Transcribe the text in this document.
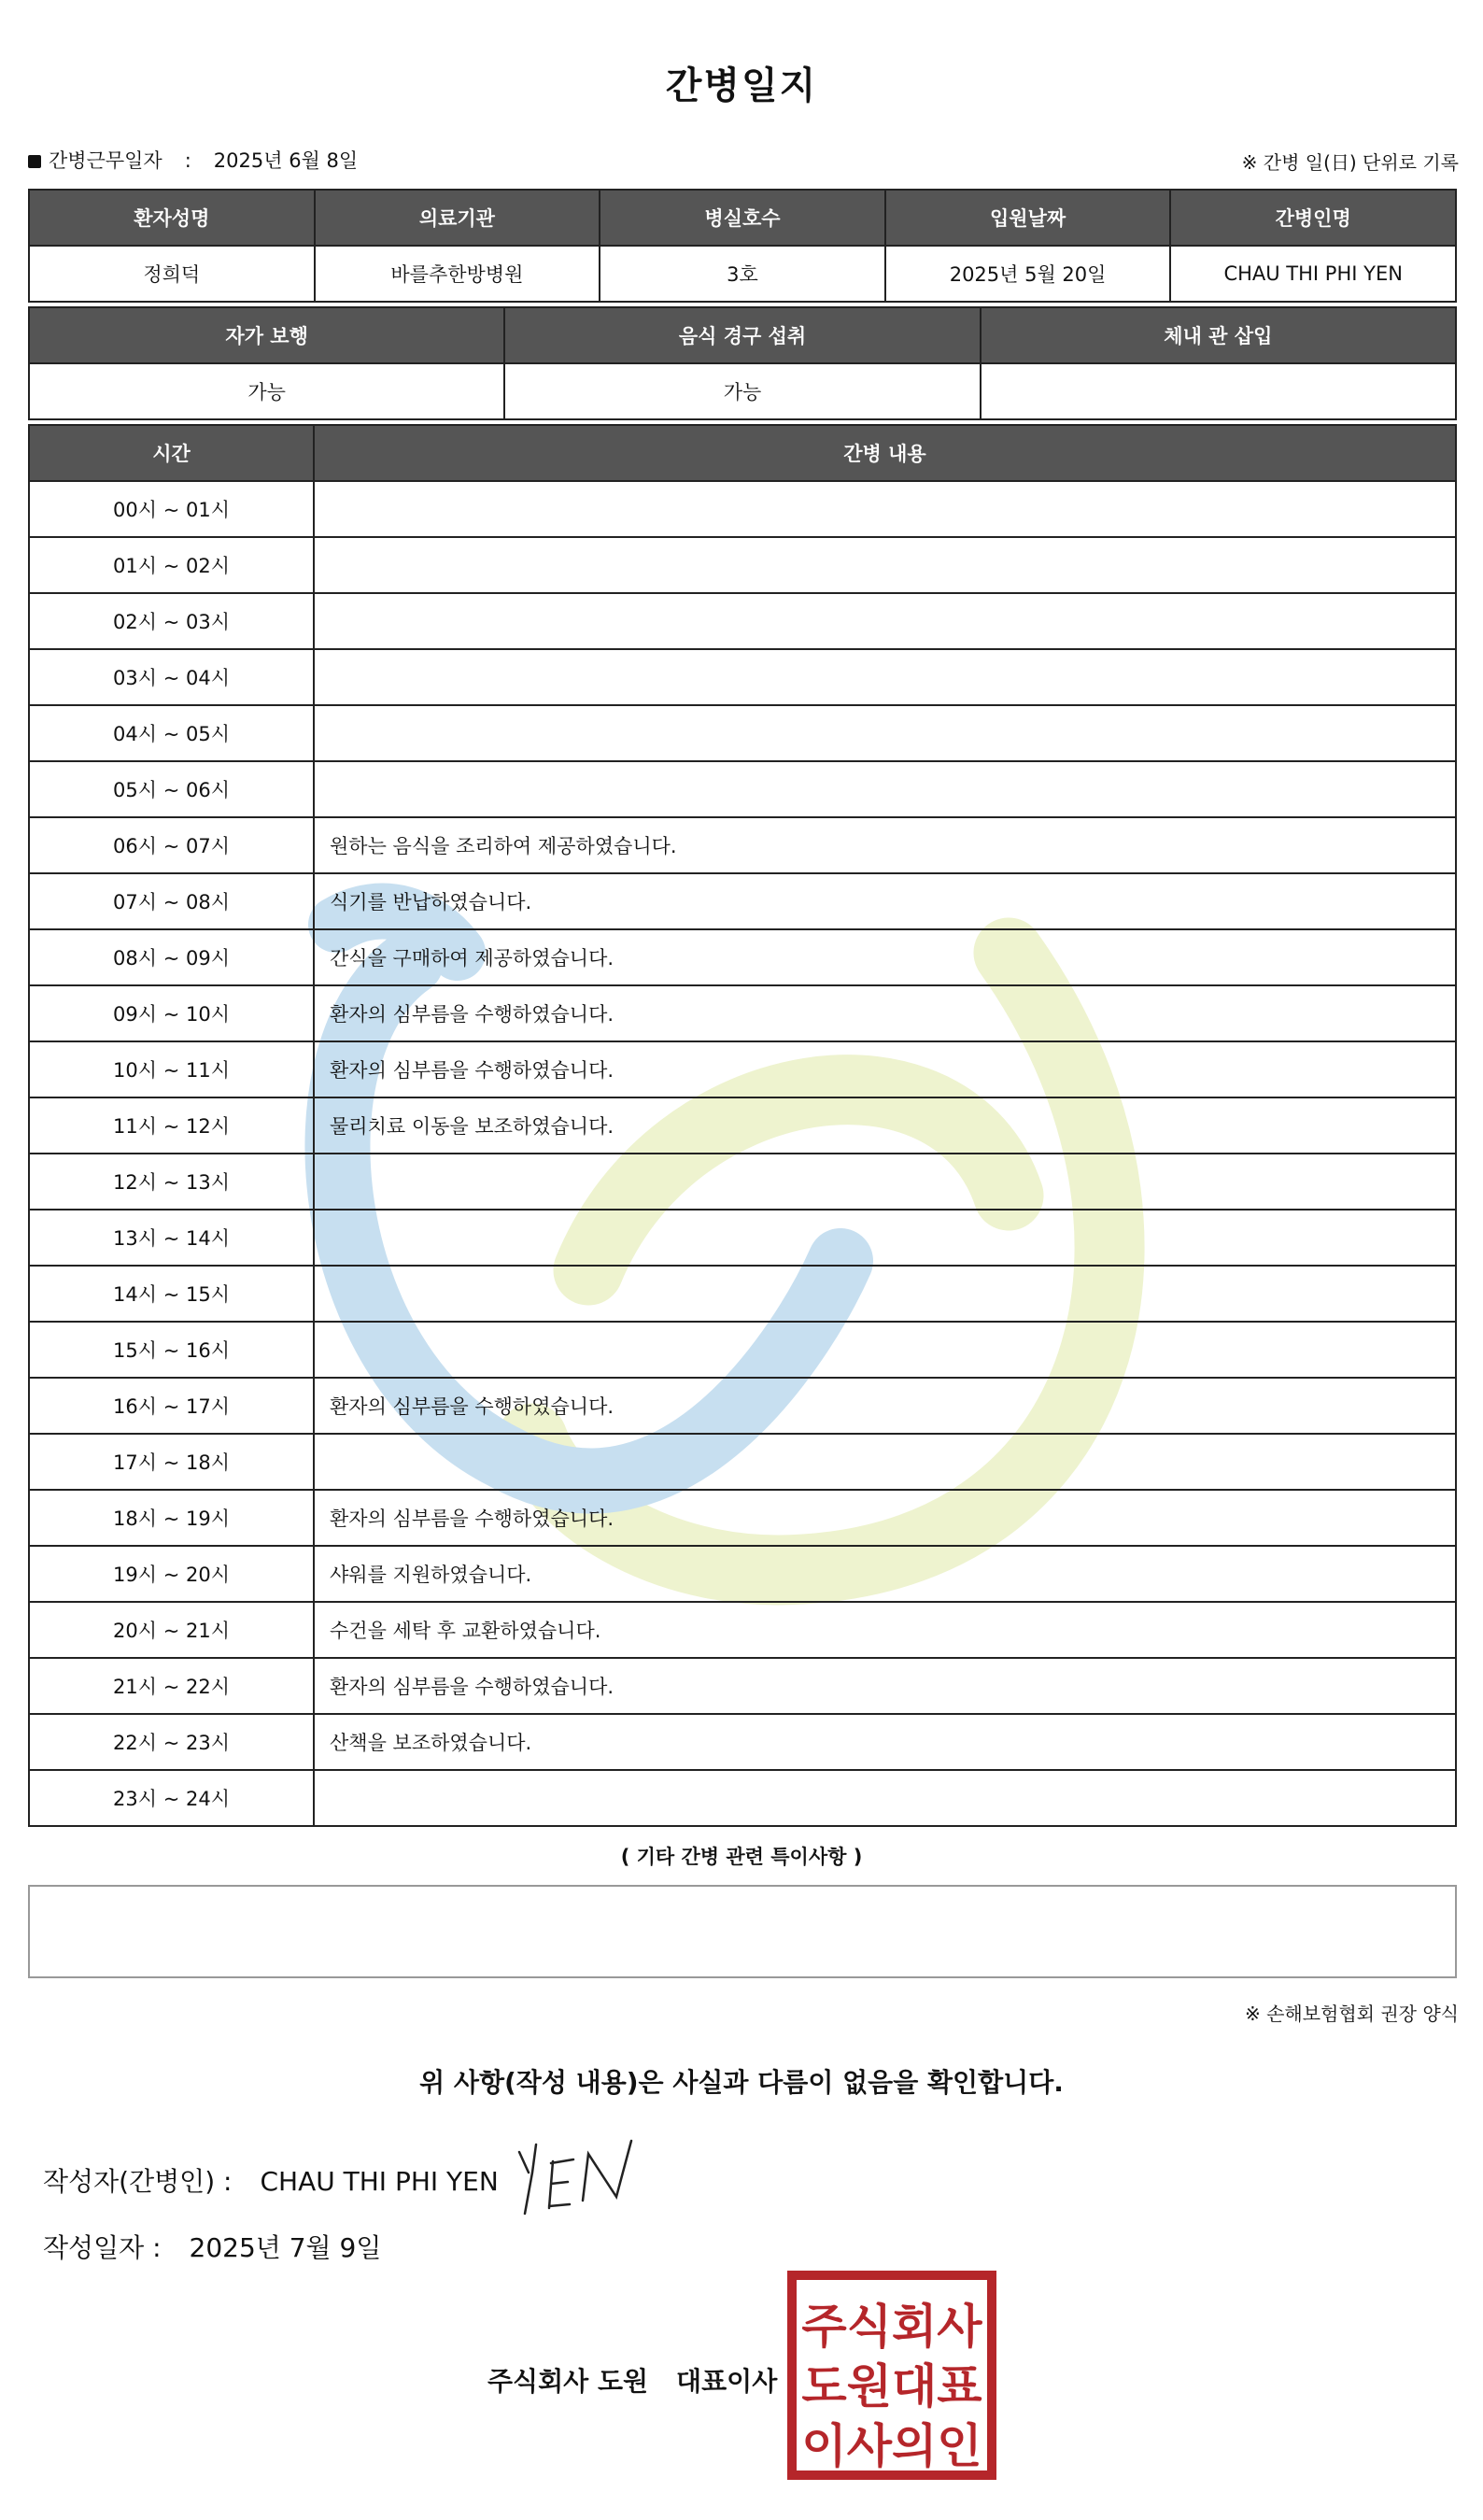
간병일지
간병근무일자 : 2025년 6월 8일	※ 간병 일(日) 단위로 기록
환자성명	의료기관	병실호수	입원날짜	간병인명
정희덕	바를추한방병원	3호	2025년 5월 20일	CHAU THI PHI YEN
자가 보행	음식 경구 섭취	체내 관 삽입
가능	가능	
시간	간병 내용
00시 ~ 01시	
01시 ~ 02시	
02시 ~ 03시	
03시 ~ 04시	
04시 ~ 05시	
05시 ~ 06시	
06시 ~ 07시	원하는 음식을 조리하여 제공하였습니다.
07시 ~ 08시	식기를 반납하였습니다.
08시 ~ 09시	간식을 구매하여 제공하였습니다.
09시 ~ 10시	환자의 심부름을 수행하였습니다.
10시 ~ 11시	환자의 심부름을 수행하였습니다.
11시 ~ 12시	물리치료 이동을 보조하였습니다.
12시 ~ 13시	
13시 ~ 14시	
14시 ~ 15시	
15시 ~ 16시	
16시 ~ 17시	환자의 심부름을 수행하였습니다.
17시 ~ 18시	
18시 ~ 19시	환자의 심부름을 수행하였습니다.
19시 ~ 20시	샤워를 지원하였습니다.
20시 ~ 21시	수건을 세탁 후 교환하였습니다.
21시 ~ 22시	환자의 심부름을 수행하였습니다.
22시 ~ 23시	산책을 보조하였습니다.
23시 ~ 24시	
( 기타 간병 관련 특이사항 )
※ 손해보험협회 권장 양식
위 사항(작성 내용)은 사실과 다름이 없음을 확인합니다.
작성자(간병인) : CHAU THI PHI YEN
작성일자 : 2025년 7월 9일
주식회사 도원 대표이사
주식회사
도원대표
이사의인
